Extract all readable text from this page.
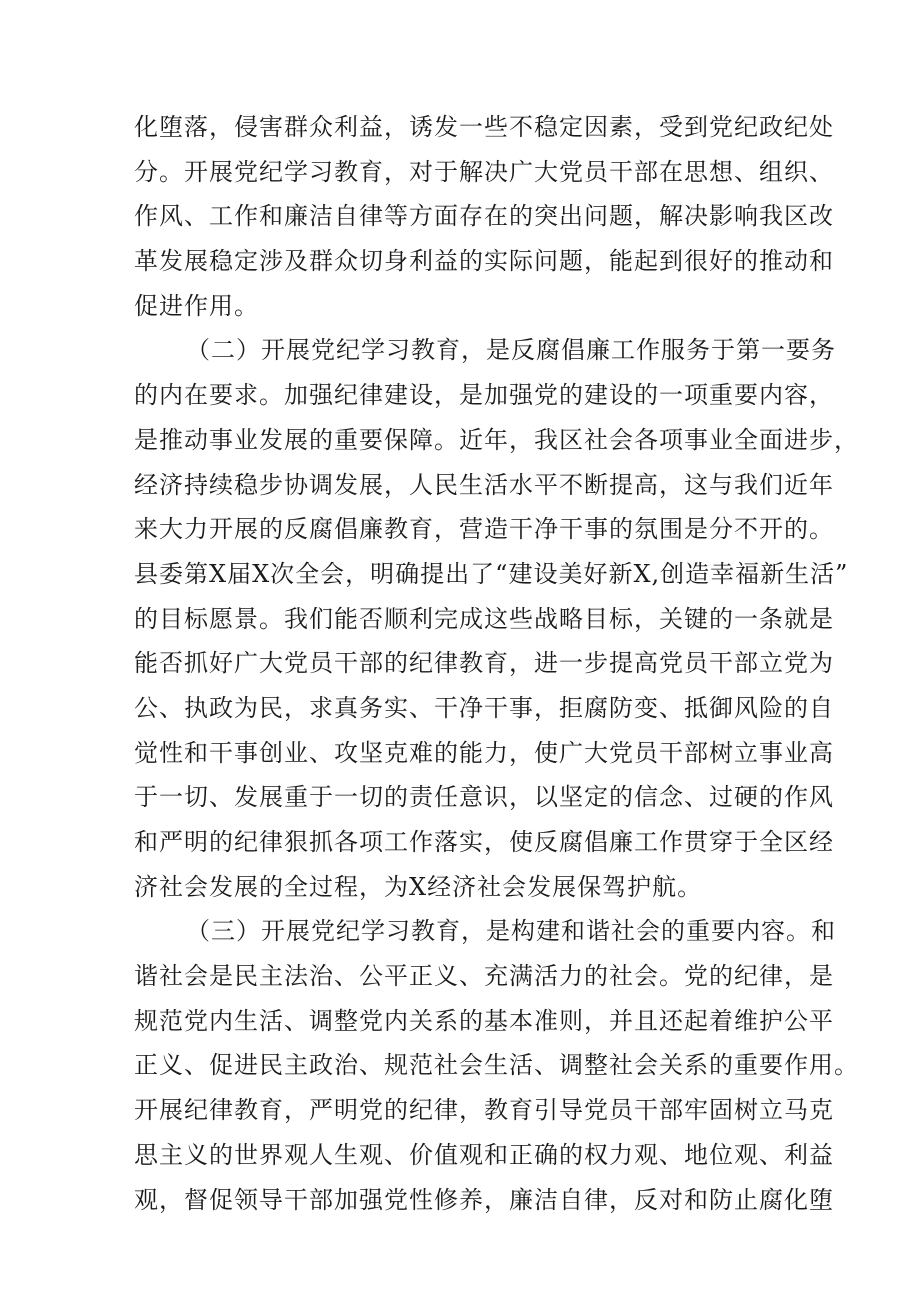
化堕落，侵害群众利益，诱发一些不稳定因素，受到党纪政纪处
分。开展党纪学习教育，对于解决广大党员干部在思想、组织、
作风、工作和廉洁自律等方面存在的突出问题，解决影响我区改
革发展稳定涉及群众切身利益的实际问题，能起到很好的推动和
促进作用。
（二）开展党纪学习教育，是反腐倡廉工作服务于第一要务
的内在要求。加强纪律建设，是加强党的建设的一项重要内容，
是推动事业发展的重要保障。近年，我区社会各项事业全面进步，
经济持续稳步协调发展，人民生活水平不断提高，这与我们近年
来大力开展的反腐倡廉教育，营造干净干事的氛围是分不开的。
县委第X届X次全会，明确提出了“建设美好新X,创造幸福新生活”
的目标愿景。我们能否顺利完成这些战略目标，关键的一条就是
能否抓好广大党员干部的纪律教育，进一步提高党员干部立党为
公、执政为民，求真务实、干净干事，拒腐防变、抵御风险的自
觉性和干事创业、攻坚克难的能力，使广大党员干部树立事业高
于一切、发展重于一切的责任意识，以坚定的信念、过硬的作风
和严明的纪律狠抓各项工作落实，使反腐倡廉工作贯穿于全区经
济社会发展的全过程，为X经济社会发展保驾护航。
（三）开展党纪学习教育，是构建和谐社会的重要内容。和
谐社会是民主法治、公平正义、充满活力的社会。党的纪律，是
规范党内生活、调整党内关系的基本准则，并且还起着维护公平
正义、促进民主政治、规范社会生活、调整社会关系的重要作用。
开展纪律教育，严明党的纪律，教育引导党员干部牢固树立马克
思主义的世界观人生观、价值观和正确的权力观、地位观、利益
观，督促领导干部加强党性修养，廉洁自律，反对和防止腐化堕
